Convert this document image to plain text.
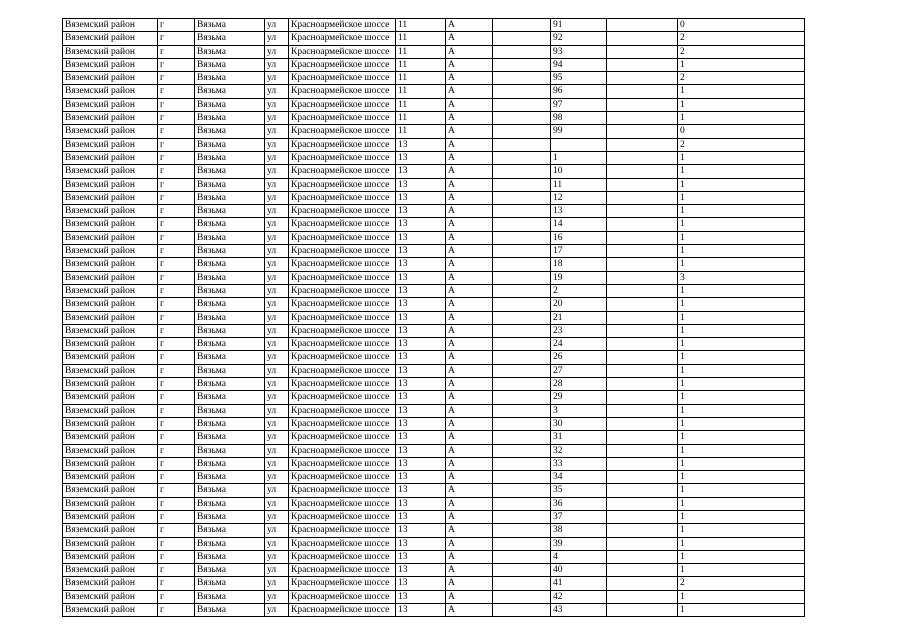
Вяземский район	г	Вязьма	ул	Красноармейское шоссе	11	А		91		0
Вяземский район	г	Вязьма	ул	Красноармейское шоссе	11	А		92		2
Вяземский район	г	Вязьма	ул	Красноармейское шоссе	11	А		93		2
Вяземский район	г	Вязьма	ул	Красноармейское шоссе	11	А		94		1
Вяземский район	г	Вязьма	ул	Красноармейское шоссе	11	А		95		2
Вяземский район	г	Вязьма	ул	Красноармейское шоссе	11	А		96		1
Вяземский район	г	Вязьма	ул	Красноармейское шоссе	11	А		97		1
Вяземский район	г	Вязьма	ул	Красноармейское шоссе	11	А		98		1
Вяземский район	г	Вязьма	ул	Красноармейское шоссе	11	А		99		0
Вяземский район	г	Вязьма	ул	Красноармейское шоссе	13	А				2
Вяземский район	г	Вязьма	ул	Красноармейское шоссе	13	А		1		1
Вяземский район	г	Вязьма	ул	Красноармейское шоссе	13	А		10		1
Вяземский район	г	Вязьма	ул	Красноармейское шоссе	13	А		11		1
Вяземский район	г	Вязьма	ул	Красноармейское шоссе	13	А		12		1
Вяземский район	г	Вязьма	ул	Красноармейское шоссе	13	А		13		1
Вяземский район	г	Вязьма	ул	Красноармейское шоссе	13	А		14		1
Вяземский район	г	Вязьма	ул	Красноармейское шоссе	13	А		16		1
Вяземский район	г	Вязьма	ул	Красноармейское шоссе	13	А		17		1
Вяземский район	г	Вязьма	ул	Красноармейское шоссе	13	А		18		1
Вяземский район	г	Вязьма	ул	Красноармейское шоссе	13	А		19		3
Вяземский район	г	Вязьма	ул	Красноармейское шоссе	13	А		2		1
Вяземский район	г	Вязьма	ул	Красноармейское шоссе	13	А		20		1
Вяземский район	г	Вязьма	ул	Красноармейское шоссе	13	А		21		1
Вяземский район	г	Вязьма	ул	Красноармейское шоссе	13	А		23		1
Вяземский район	г	Вязьма	ул	Красноармейское шоссе	13	А		24		1
Вяземский район	г	Вязьма	ул	Красноармейское шоссе	13	А		26		1
Вяземский район	г	Вязьма	ул	Красноармейское шоссе	13	А		27		1
Вяземский район	г	Вязьма	ул	Красноармейское шоссе	13	А		28		1
Вяземский район	г	Вязьма	ул	Красноармейское шоссе	13	А		29		1
Вяземский район	г	Вязьма	ул	Красноармейское шоссе	13	А		3		1
Вяземский район	г	Вязьма	ул	Красноармейское шоссе	13	А		30		1
Вяземский район	г	Вязьма	ул	Красноармейское шоссе	13	А		31		1
Вяземский район	г	Вязьма	ул	Красноармейское шоссе	13	А		32		1
Вяземский район	г	Вязьма	ул	Красноармейское шоссе	13	А		33		1
Вяземский район	г	Вязьма	ул	Красноармейское шоссе	13	А		34		1
Вяземский район	г	Вязьма	ул	Красноармейское шоссе	13	А		35		1
Вяземский район	г	Вязьма	ул	Красноармейское шоссе	13	А		36		1
Вяземский район	г	Вязьма	ул	Красноармейское шоссе	13	А		37		1
Вяземский район	г	Вязьма	ул	Красноармейское шоссе	13	А		38		1
Вяземский район	г	Вязьма	ул	Красноармейское шоссе	13	А		39		1
Вяземский район	г	Вязьма	ул	Красноармейское шоссе	13	А		4		1
Вяземский район	г	Вязьма	ул	Красноармейское шоссе	13	А		40		1
Вяземский район	г	Вязьма	ул	Красноармейское шоссе	13	А		41		2
Вяземский район	г	Вязьма	ул	Красноармейское шоссе	13	А		42		1
Вяземский район	г	Вязьма	ул	Красноармейское шоссе	13	А		43		1
